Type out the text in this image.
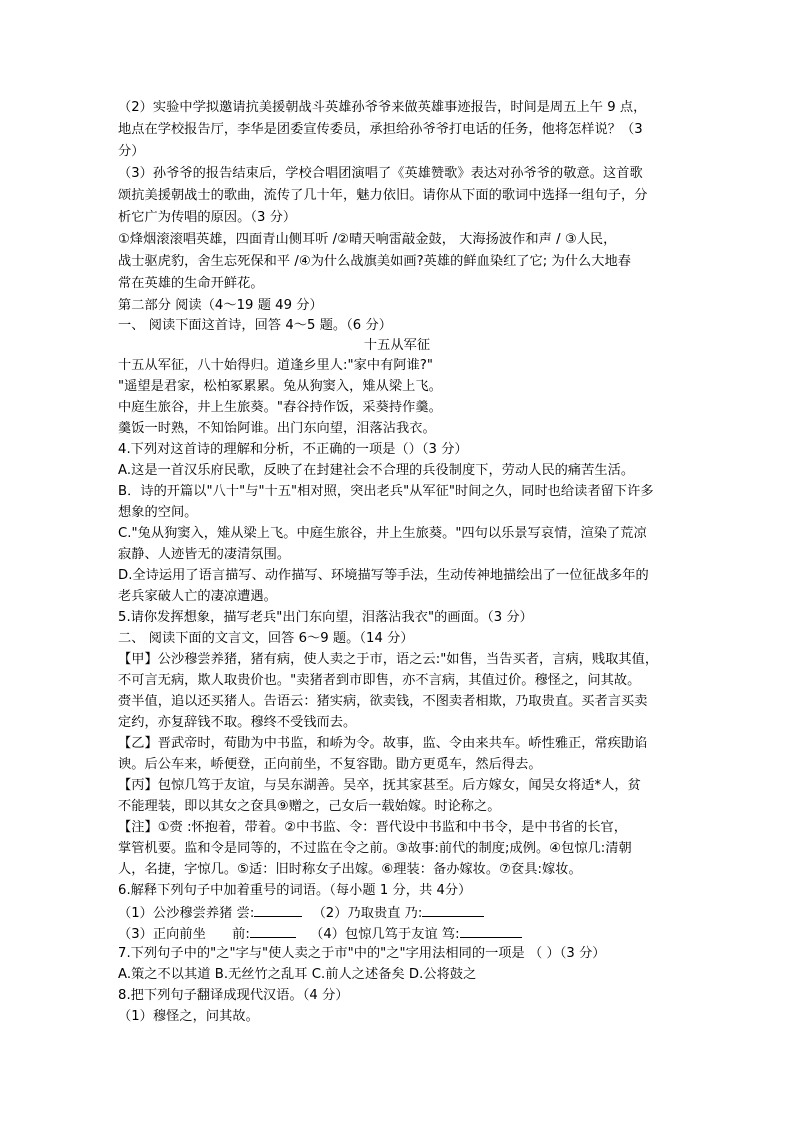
（2）实验中学拟邀请抗美援朝战斗英雄孙爷爷来做英雄事迹报告，时间是周五上午 9 点，
地点在学校报告厅，李华是团委宣传委员，承担给孙爷爷打电话的任务，他将怎样说？（3
分）
（3）孙爷爷的报告结束后，学校合唱团演唱了《英雄赞歌》表达对孙爷爷的敬意。这首歌
颂抗美援朝战士的歌曲，流传了几十年，魅力依旧。请你从下面的歌词中选择一组句子，分
析它广为传唱的原因。（3 分）
①烽烟滚滚唱英雄，四面青山侧耳听 /②晴天响雷敲金鼓， 大海扬波作和声 / ③人民，
战士驱虎豹，舍生忘死保和平 /④为什么战旗美如画?英雄的鲜血染红了它; 为什么大地春
常在英雄的生命开鲜花。
第二部分 阅读（4～19 题 49 分）
一、 阅读下面这首诗，回答 4～5 题。（6 分）
十五从军征
十五从军征，八十始得归。道逢乡里人:"家中有阿谁?"
"遥望是君家，松柏冢累累。兔从狗窦入，雉从梁上飞。
中庭生旅谷，井上生旅葵。"舂谷持作饭，采葵持作羹。
羹饭一时熟，不知饴阿谁。出门东向望，泪落沾我衣。
4.下列对这首诗的理解和分析，不正确的一项是（）（3 分）
A.这是一首汉乐府民歌，反映了在封建社会不合理的兵役制度下，劳动人民的痛苦生活。
B．诗的开篇以"八十"与"十五"相对照，突出老兵"从军征"时间之久，同时也给读者留下许多
想象的空间。
C."兔从狗窦入，雉从梁上飞。中庭生旅谷，井上生旅葵。"四句以乐景写哀情，渲染了荒凉
寂静、人迹皆无的凄清氛围。
D.全诗运用了语言描写、动作描写、环境描写等手法，生动传神地描绘出了一位征战多年的
老兵家破人亡的凄凉遭遇。
5.请你发挥想象，描写老兵"出门东向望，泪落沾我衣"的画面。（3 分）
二、 阅读下面的文言文，回答 6～9 题。（14 分）
【甲】公沙穆尝养猪，猪有病，使人卖之于市，语之云:"如售，当告买者，言病，贱取其值，
不可言无病，欺人取贵价也。"卖猪者到市即售，亦不言病，其值过价。穆怪之，问其故。
赍半值，追以还买猪人。告语云：猪实病，欲卖钱，不图卖者相欺，乃取贵直。买者言买卖
定约，亦复辞钱不取。穆终不受钱而去。
【乙】晋武帝时，荀勖为中书监，和峤为令。故事，监、令由来共车。峤性雅正，常疾勖谄
谀。后公车来，峤便登，正向前坐，不复容勖。勖方更觅车，然后得去。
【丙】包惊几笃于友谊，与吴东湖善。吴卒，抚其家甚至。后方嫁女，闻吴女将适*人，贫
不能理装，即以其女之奁具⑨赠之，己女后一载始嫁。时论称之。
【注】①赍 :怀抱着，带着。②中书监、令：晋代设中书监和中书令，是中书省的长官，
掌管机要。监和令是同等的，不过监在令之前。③故事:前代的制度;成例。④包惊几:清朝
人，名捷，字惊几。⑤适：旧时称女子出嫁。⑥理装：备办嫁妆。⑦奁具:嫁妆。
6.解释下列句子中加着重号的词语。（每小题 1 分，共 4分）
（1）公沙穆尝养猪 尝:	（2）乃取贵直 乃:
（3）正向前坐 前:	（4）包惊几笃于友谊 笃:
7.下列句子中的"之"字与"使人卖之于市"中的"之"字用法相同的一项是 （ ）（3 分）
A.策之不以其道 B.无丝竹之乱耳 C.前人之述备矣 D.公将鼓之
8.把下列句子翻译成现代汉语。（4 分）
（1）穆怪之，问其故。
